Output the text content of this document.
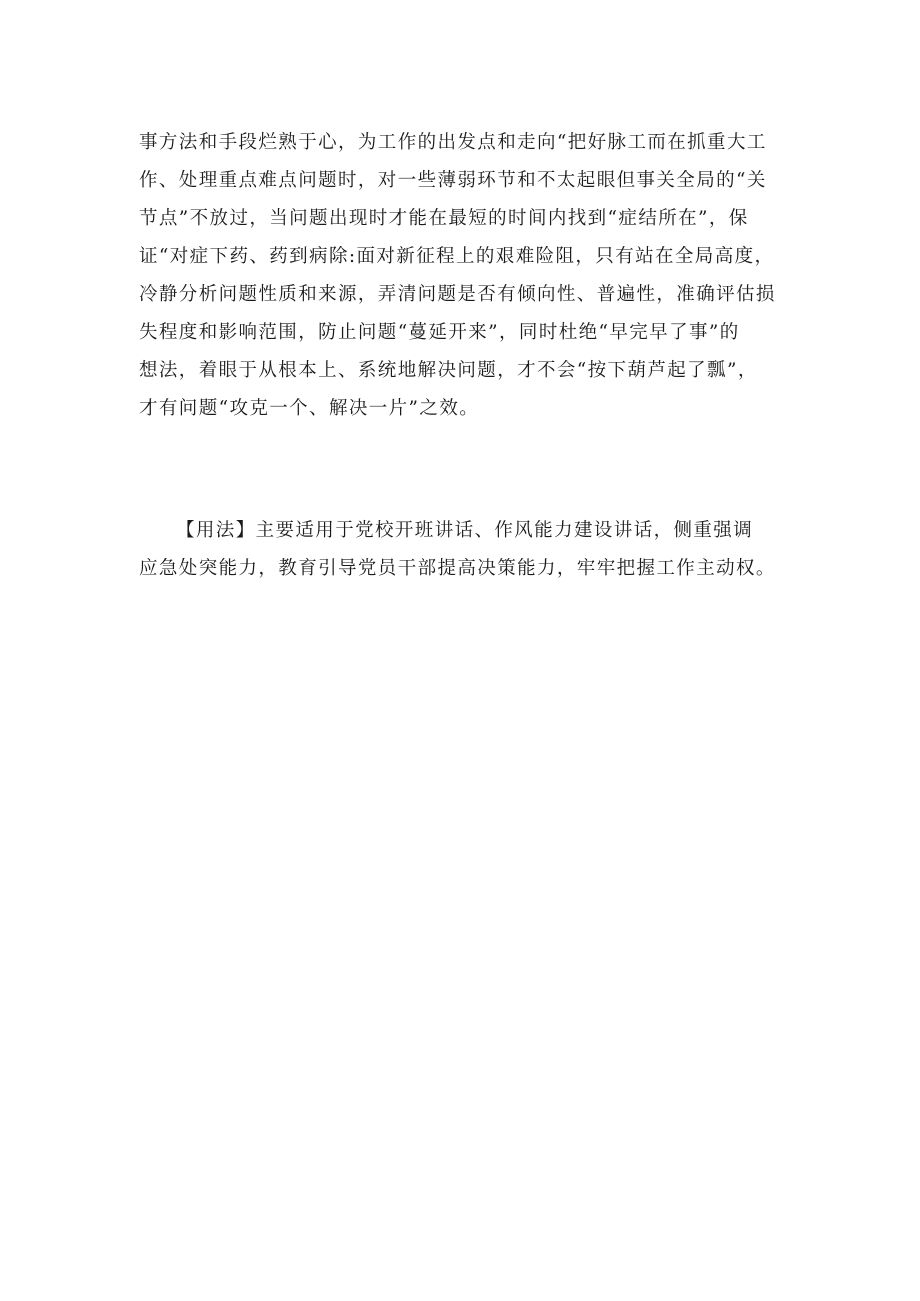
事方法和手段烂熟于心，为工作的出发点和走向“把好脉工而在抓重大工
作、处理重点难点问题时，对一些薄弱环节和不太起眼但事关全局的“关
节点”不放过，当问题出现时才能在最短的时间内找到“症结所在”，保
证“对症下药、药到病除:面对新征程上的艰难险阻，只有站在全局高度，
冷静分析问题性质和来源，弄清问题是否有倾向性、普遍性，准确评估损
失程度和影响范围，防止问题“蔓延开来”，同时杜绝“早完早了事”的
想法，着眼于从根本上、系统地解决问题，才不会“按下葫芦起了瓢”，
才有问题“攻克一个、解决一片”之效。
【用法】主要适用于党校开班讲话、作风能力建设讲话，侧重强调
应急处突能力，教育引导党员干部提高决策能力，牢牢把握工作主动权。
